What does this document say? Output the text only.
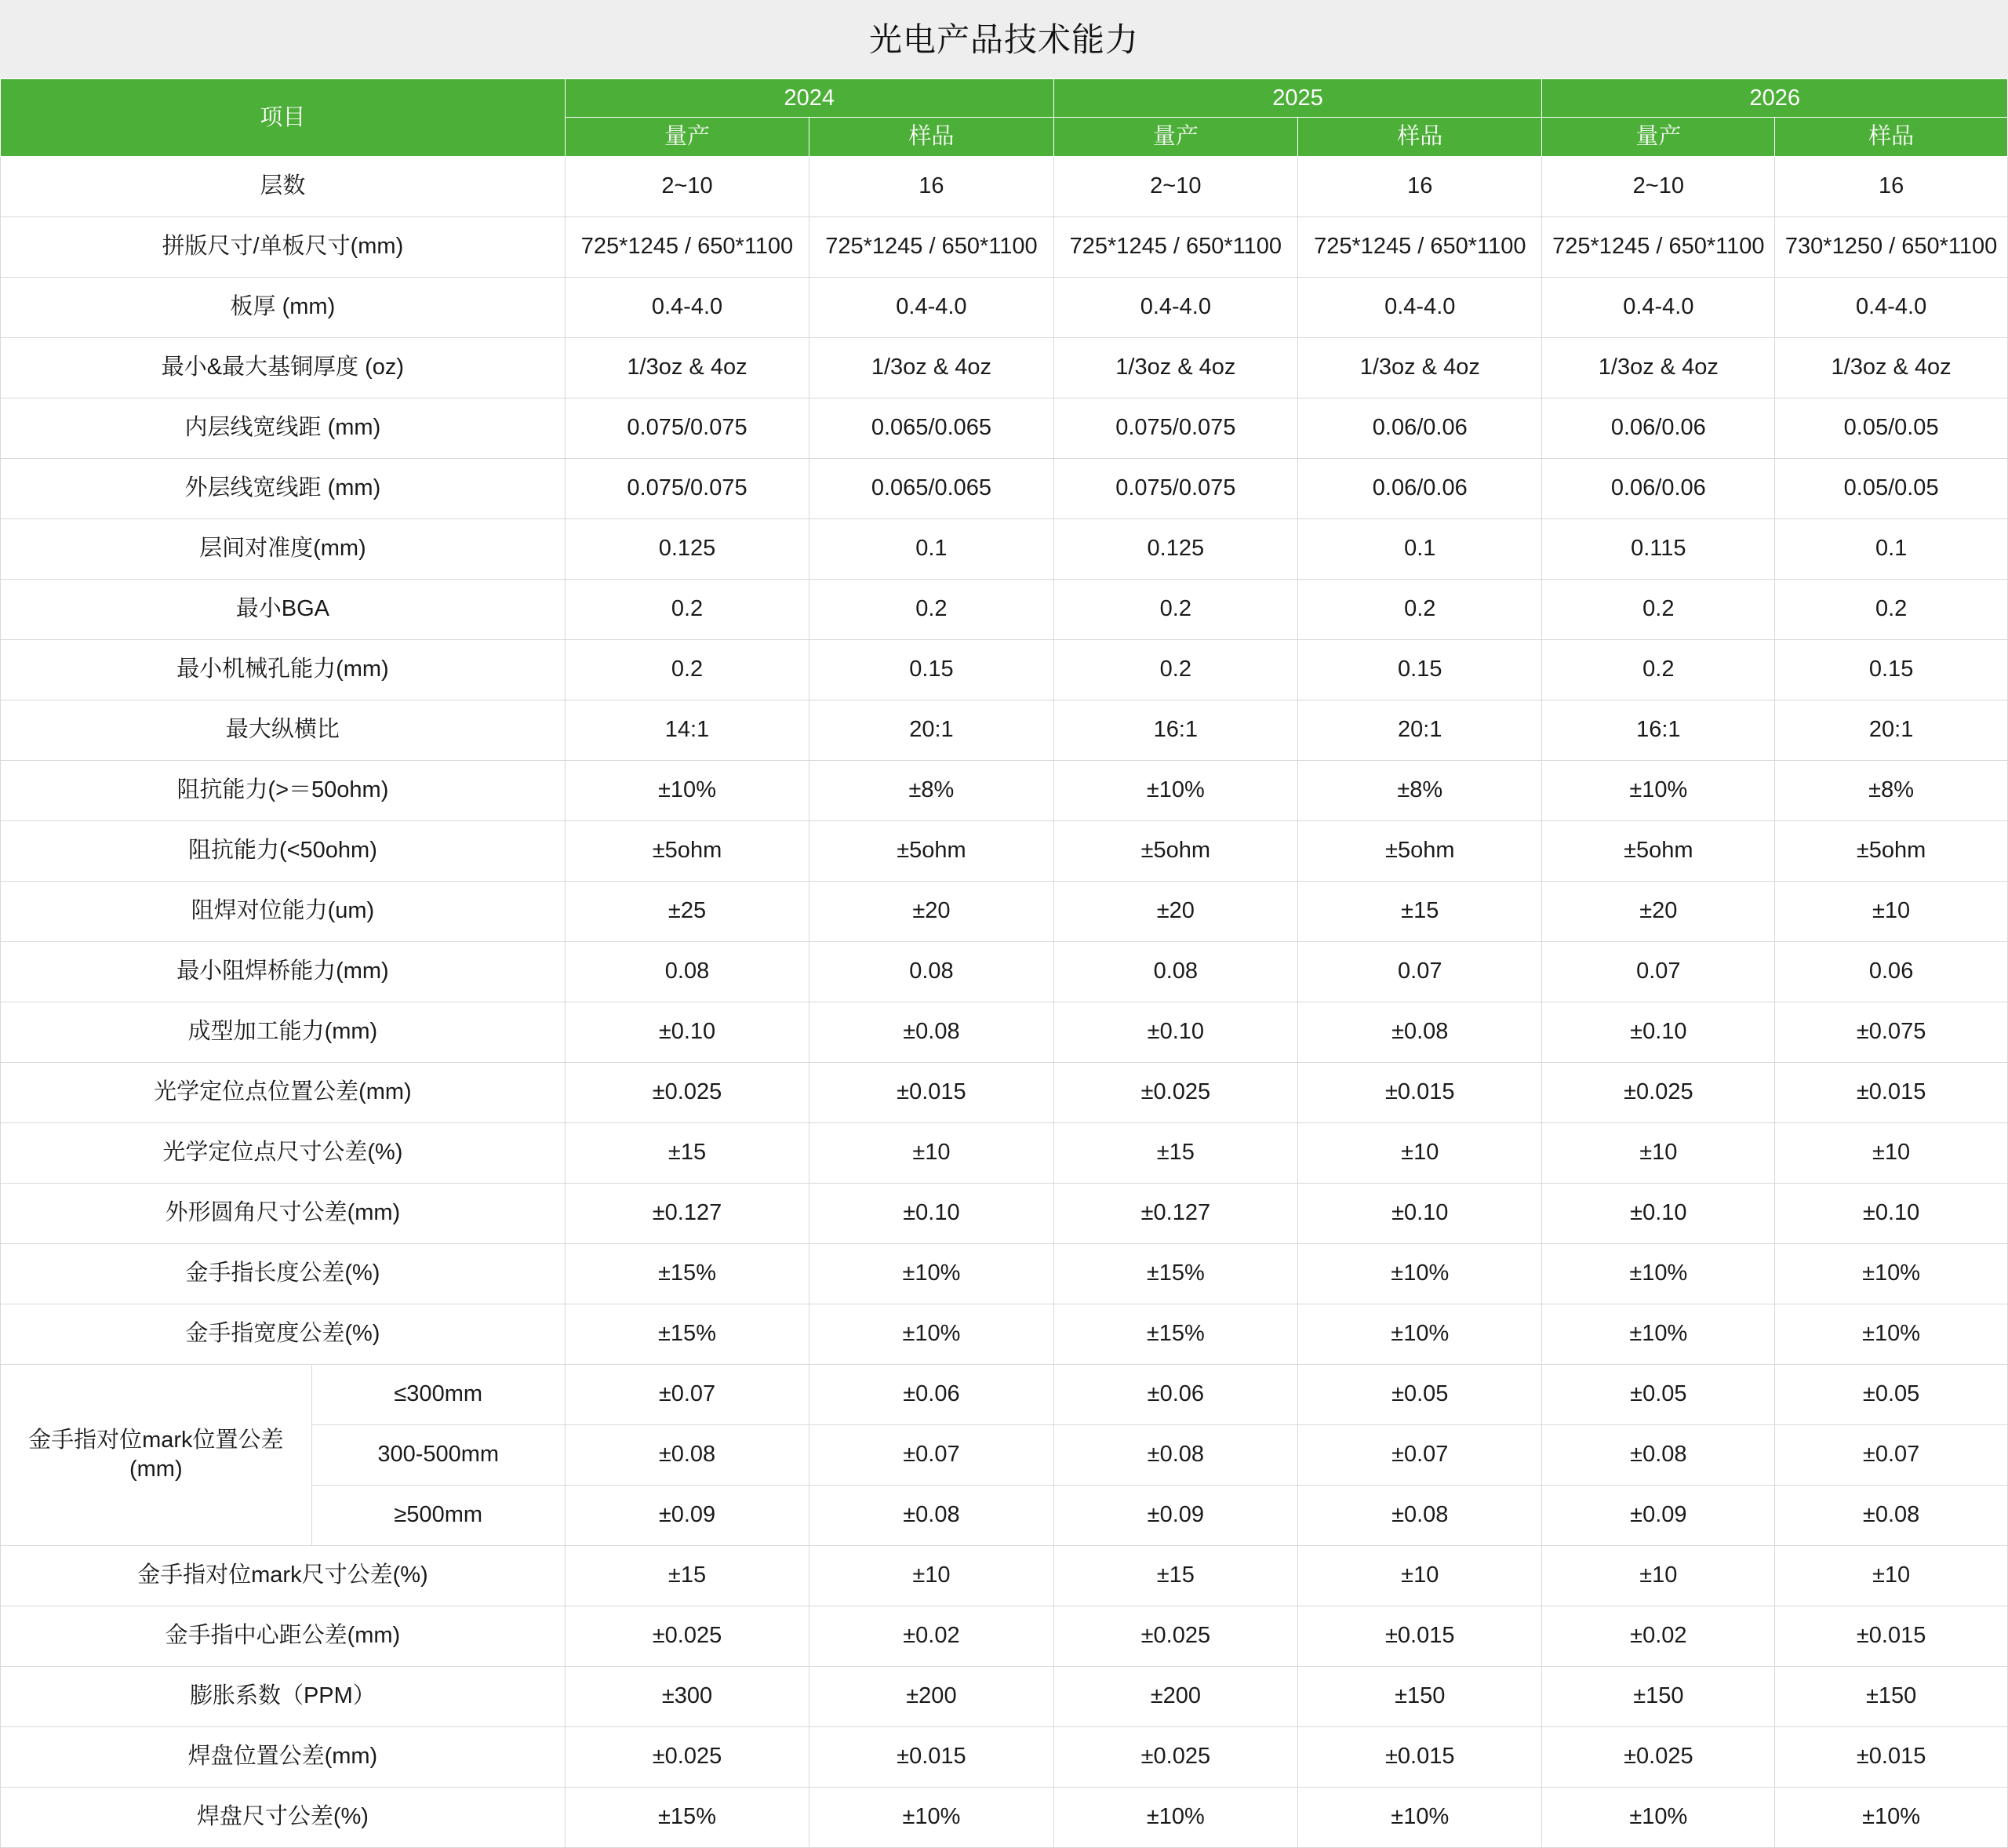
光电产品技术能力
项目		2024		2025		2026	
		量产	样品	量产	样品	量产	样品
层数		2~10	16	2~10	16	2~10	16
拼版尺寸/单板尺寸(mm)		725*1245 / 650*1100	725*1245 / 650*1100	725*1245 / 650*1100	725*1245 / 650*1100	725*1245 / 650*1100	730*1250 / 650*1100
板厚 (mm)		0.4-4.0	0.4-4.0	0.4-4.0	0.4-4.0	0.4-4.0	0.4-4.0
最小&最大基铜厚度 (oz)		1/3oz & 4oz	1/3oz & 4oz	1/3oz & 4oz	1/3oz & 4oz	1/3oz & 4oz	1/3oz & 4oz
内层线宽线距 (mm)		0.075/0.075	0.065/0.065	0.075/0.075	0.06/0.06	0.06/0.06	0.05/0.05
外层线宽线距 (mm)		0.075/0.075	0.065/0.065	0.075/0.075	0.06/0.06	0.06/0.06	0.05/0.05
层间对准度(mm)		0.125	0.1	0.125	0.1	0.115	0.1
最小BGA		0.2	0.2	0.2	0.2	0.2	0.2
最小机械孔能力(mm)		0.2	0.15	0.2	0.15	0.2	0.15
最大纵横比		14:1	20:1	16:1	20:1	16:1	20:1
阻抗能力(>＝50ohm)		±10%	±8%	±10%	±8%	±10%	±8%
阻抗能力(<50ohm)		±5ohm	±5ohm	±5ohm	±5ohm	±5ohm	±5ohm
阻焊对位能力(um)		±25	±20	±20	±15	±20	±10
最小阻焊桥能力(mm)		0.08	0.08	0.08	0.07	0.07	0.06
成型加工能力(mm)		±0.10	±0.08	±0.10	±0.08	±0.10	±0.075
光学定位点位置公差(mm)		±0.025	±0.015	±0.025	±0.015	±0.025	±0.015
光学定位点尺寸公差(%)		±15	±10	±15	±10	±10	±10
外形圆角尺寸公差(mm)		±0.127	±0.10	±0.127	±0.10	±0.10	±0.10
金手指长度公差(%)		±15%	±10%	±15%	±10%	±10%	±10%
金手指宽度公差(%)		±15%	±10%	±15%	±10%	±10%	±10%
金手指对位mark位置公差(mm)	≤300mm	±0.07	±0.06	±0.06	±0.05	±0.05	±0.05
	300-500mm	±0.08	±0.07	±0.08	±0.07	±0.08	±0.07
	≥500mm	±0.09	±0.08	±0.09	±0.08	±0.09	±0.08
金手指对位mark尺寸公差(%)		±15	±10	±15	±10	±10	±10
金手指中心距公差(mm)		±0.025	±0.02	±0.025	±0.015	±0.02	±0.015
膨胀系数（PPM）		±300	±200	±200	±150	±150	±150
焊盘位置公差(mm)		±0.025	±0.015	±0.025	±0.015	±0.025	±0.015
焊盘尺寸公差(%)		±15%	±10%	±10%	±10%	±10%	±10%
